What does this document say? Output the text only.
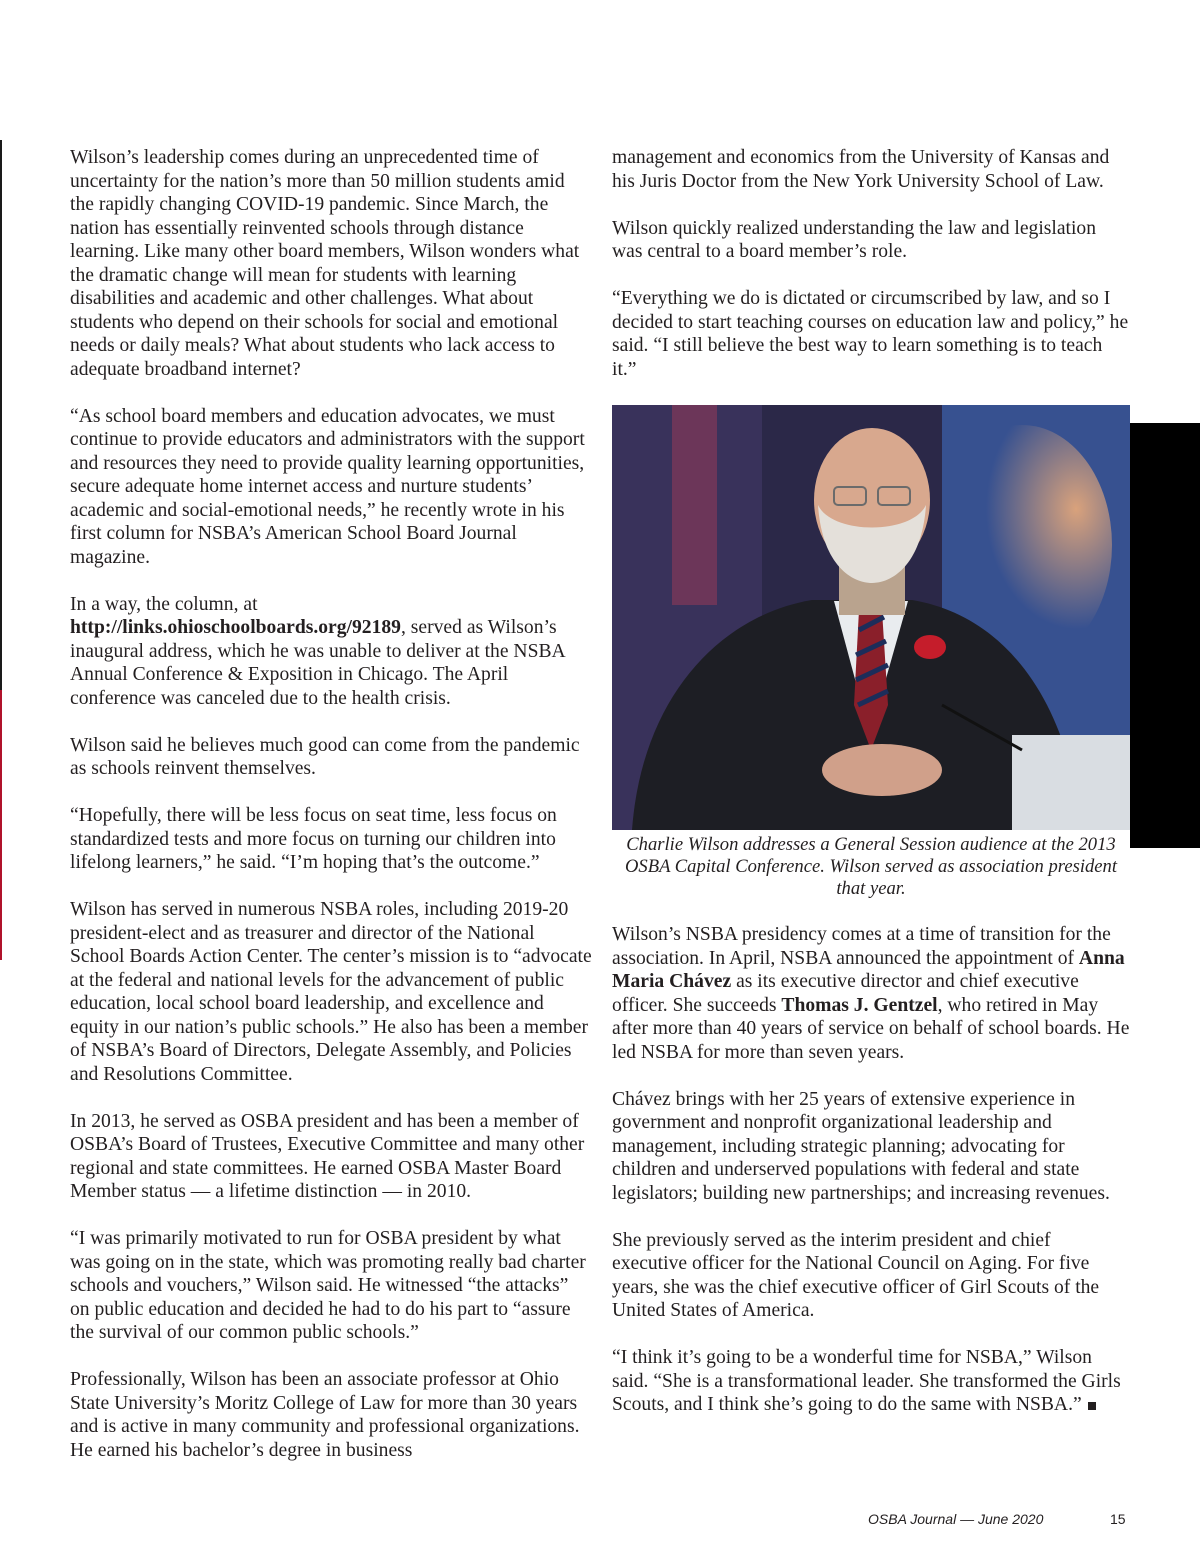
Wilson’s leadership comes during an unprecedented time of uncertainty for the nation’s more than 50 million students amid the rapidly changing COVID-19 pandemic. Since March, the nation has essentially reinvented schools through distance learning. Like many other board members, Wilson wonders what the dramatic change will mean for students with learning disabilities and academic and other challenges. What about students who depend on their schools for social and emotional needs or daily meals? What about students who lack access to adequate broadband internet?

“As school board members and education advocates, we must continue to provide educators and administrators with the support and resources they need to provide quality learning opportunities, secure adequate home internet access and nurture students’ academic and social-emotional needs,” he recently wrote in his first column for NSBA’s American School Board Journal magazine.

In a way, the column, at http://links.ohioschoolboards.org/92189, served as Wilson’s inaugural address, which he was unable to deliver at the NSBA Annual Conference & Exposition in Chicago. The April conference was canceled due to the health crisis.

Wilson said he believes much good can come from the pandemic as schools reinvent themselves.

“Hopefully, there will be less focus on seat time, less focus on standardized tests and more focus on turning our children into lifelong learners,” he said. “I’m hoping that’s the outcome.”

Wilson has served in numerous NSBA roles, including 2019-20 president-elect and as treasurer and director of the National School Boards Action Center. The center’s mission is to “advocate at the federal and national levels for the advancement of public education, local school board leadership, and excellence and equity in our nation’s public schools.” He also has been a member of NSBA’s Board of Directors, Delegate Assembly, and Policies and Resolutions Committee.

In 2013, he served as OSBA president and has been a member of OSBA’s Board of Trustees, Executive Committee and many other regional and state committees. He earned OSBA Master Board Member status — a lifetime distinction — in 2010.

“I was primarily motivated to run for OSBA president by what was going on in the state, which was promoting really bad charter schools and vouchers,” Wilson said. He witnessed “the attacks” on public education and decided he had to do his part to “assure the survival of our common public schools.”

Professionally, Wilson has been an associate professor at Ohio State University’s Moritz College of Law for more than 30 years and is active in many community and professional organizations. He earned his bachelor’s degree in business

management and economics from the University of Kansas and his Juris Doctor from the New York University School of Law.

Wilson quickly realized understanding the law and legislation was central to a board member’s role.

“Everything we do is dictated or circumscribed by law, and so I decided to start teaching courses on education law and policy,” he said. “I still believe the best way to learn something is to teach it.”

Charlie Wilson addresses a General Session audience at the 2013 OSBA Capital Conference. Wilson served as association president that year.

Wilson’s NSBA presidency comes at a time of transition for the association. In April, NSBA announced the appointment of Anna Maria Chávez as its executive director and chief executive officer. She succeeds Thomas J. Gentzel, who retired in May after more than 40 years of service on behalf of school boards. He led NSBA for more than seven years.

Chávez brings with her 25 years of extensive experience in government and nonprofit organizational leadership and management, including strategic planning; advocating for children and underserved populations with federal and state legislators; building new partnerships; and increasing revenues.

She previously served as the interim president and chief executive officer for the National Council on Aging. For five years, she was the chief executive officer of Girl Scouts of the United States of America.

“I think it’s going to be a wonderful time for NSBA,” Wilson said. “She is a transformational leader. She transformed the Girls Scouts, and I think she’s going to do the same with NSBA.”

OSBA Journal — June 2020	15
